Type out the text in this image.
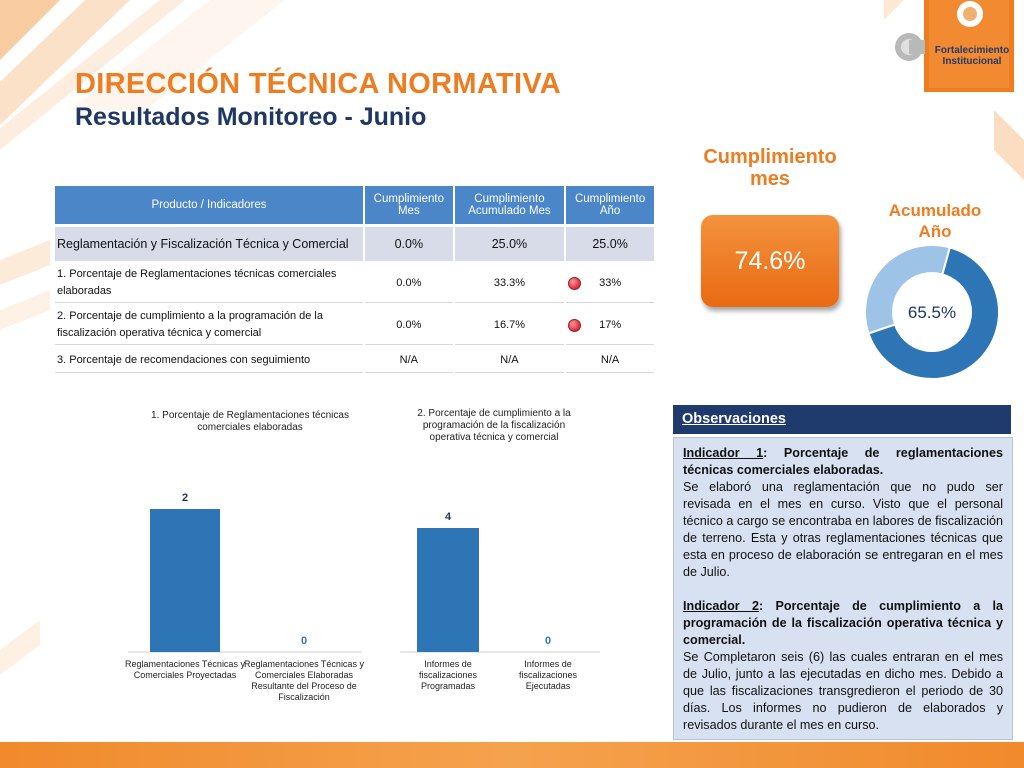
Fortalecimiento
Institucional
DIRECCIÓN TÉCNICA NORMATIVA
Resultados Monitoreo - Junio
Producto / Indicadores	Cumplimiento Mes	Cumplimiento Acumulado Mes	Cumplimiento Año
Reglamentación y Fiscalización Técnica y Comercial	0.0%	25.0%	25.0%
1. Porcentaje de Reglamentaciones técnicas comerciales elaboradas	0.0%	33.3%	33%
2. Porcentaje de cumplimiento a la programación de la fiscalización operativa técnica y comercial	0.0%	16.7%	17%
3. Porcentaje de recomendaciones con seguimiento	N/A	N/A	N/A
Cumplimiento
mes
74.6%
Acumulado
Año
65.5%
1. Porcentaje de Reglamentaciones técnicas
comerciales elaboradas
2
Reglamentaciones Técnicas y
Comerciales Proyectadas
0
Reglamentaciones Técnicas y
Comerciales Elaboradas
Resultante del Proceso de
Fiscalización
2. Porcentaje de cumplimiento a la
programación de la fiscalización
operativa técnica y comercial
4
Informes de
fiscalizaciones
Programadas
0
Informes de
fiscalizaciones
Ejecutadas
Observaciones

Indicador 1: Porcentaje de reglamentaciones técnicas comerciales elaboradas.

Se elaboró una reglamentación que no pudo ser revisada en el mes en curso. Visto que el personal técnico a cargo se encontraba en labores de fiscalización de terreno. Esta y otras reglamentaciones técnicas que esta en proceso de elaboración se entregaran en el mes de Julio.

Indicador 2: Porcentaje de cumplimiento a la programación de la fiscalización operativa técnica y comercial.

Se Completaron seis (6) las cuales entraran en el mes de Julio, junto a las ejecutadas en dicho mes. Debido a que las fiscalizaciones transgredieron el periodo de 30 días. Los informes no pudieron de elaborados y revisados durante el mes en curso.
